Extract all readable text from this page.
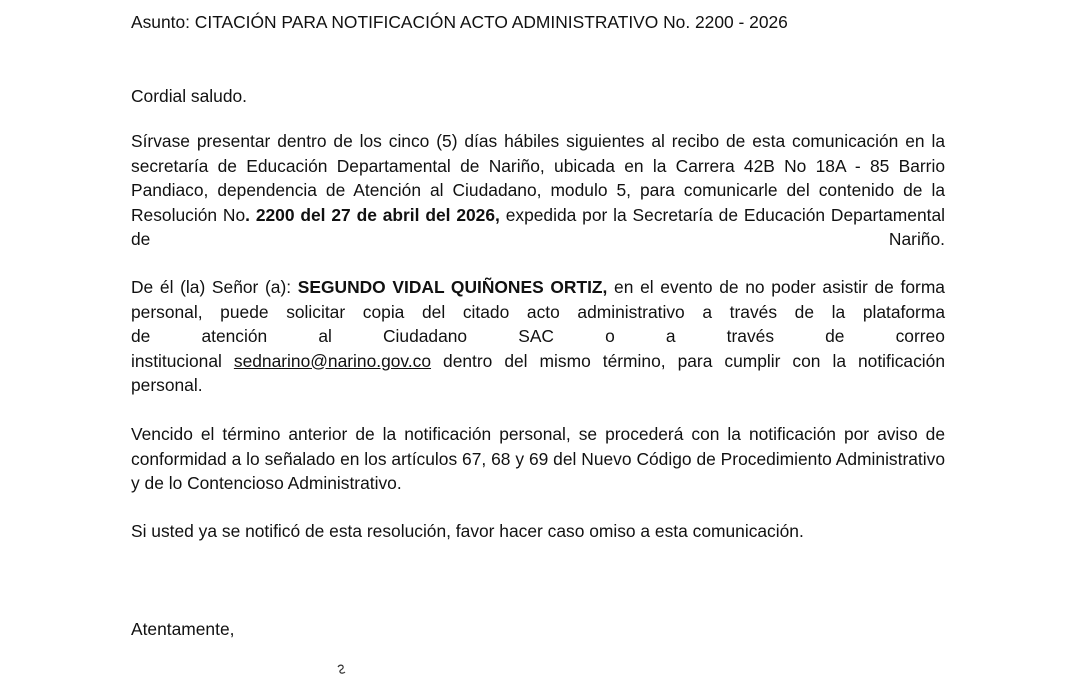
Asunto: CITACIÓN PARA NOTIFICACIÓN ACTO ADMINISTRATIVO No. 2200 - 2026
Cordial saludo.
Sírvase presentar dentro de los cinco (5) días hábiles siguientes al recibo de esta comunicación en la secretaría de Educación Departamental de Nariño, ubicada en la Carrera 42B No 18A - 85 Barrio Pandiaco, dependencia de Atención al Ciudadano, modulo 5, para comunicarle del contenido de la Resolución No. 2200 del 27 de abril del 2026, expedida por la Secretaría de Educación Departamental de Nariño.
De él (la) Señor (a): SEGUNDO VIDAL QUIÑONES ORTIZ, en el evento de no poder asistir de forma personal, puede solicitar copia del citado acto administrativo a través de la plataforma
de	atención	al	Ciudadano	SAC	o	a	través	de	correo
institucional sednarino@narino.gov.co dentro del mismo término, para cumplir con la notificación personal.
Vencido el término anterior de la notificación personal, se procederá con la notificación por aviso de conformidad a lo señalado en los artículos 67, 68 y 69 del Nuevo Código de Procedimiento Administrativo y de lo Contencioso Administrativo.
Si usted ya se notificó de esta resolución, favor hacer caso omiso a esta comunicación.
Atentamente,
